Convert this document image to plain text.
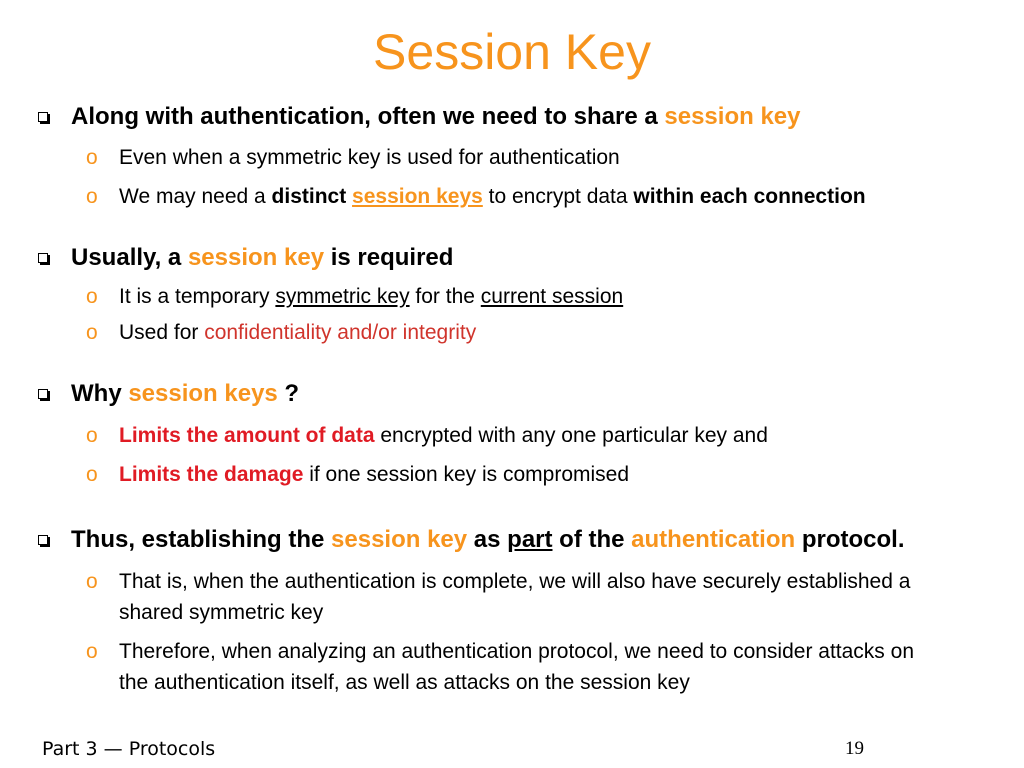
Session Key
Along with authentication, often we need to share a session key
o	Even when a symmetric key is used for authentication
o	We may need a distinct session keys to encrypt data within each connection
Usually, a session key is required
o	It is a temporary symmetric key for the current session
o	Used for confidentiality and/or integrity
Why session keys ?
o	Limits the amount of data encrypted with any one particular key and
o	Limits the damage if one session key is compromised
Thus, establishing the session key as part of the authentication protocol.
o	That is, when the authentication is complete, we will also have securely established a shared symmetric key
o	Therefore, when analyzing an authentication protocol, we need to consider attacks on the authentication itself, as well as attacks on the session key
Part 3 — Protocols	19
